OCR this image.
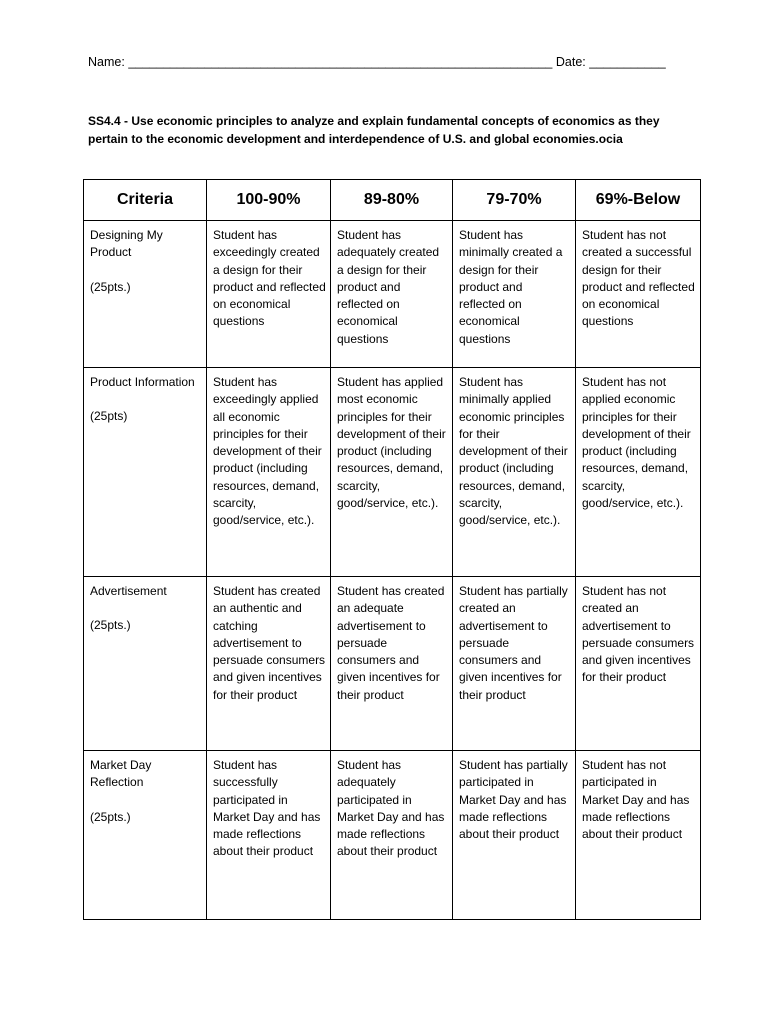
Name: _____________________________________________________________ Date: ___________
SS4.4 - Use economic principles to analyze and explain fundamental concepts of economics as they pertain to the economic development and interdependence of U.S. and global economies.ocia
Criteria	100-90%	89-80%	79-70%	69%-Below

Designing My Product
(25pts.)	Student has exceedingly created a design for their product and reflected on economical questions	Student has adequately created a design for their product and reflected on economical questions	Student has minimally created a design for their product and reflected on economical questions	Student has not created a successful design for their product and reflected on economical questions

Product Information
(25pts)	Student has exceedingly applied all economic principles for their development of their product (including resources, demand, scarcity, good/service, etc.).	Student has applied most economic principles for their development of their product (including resources, demand, scarcity, good/service, etc.).	Student has minimally applied economic principles for their development of their product (including resources, demand, scarcity, good/service, etc.).	Student has not applied economic principles for their development of their product (including resources, demand, scarcity, good/service, etc.).

Advertisement
(25pts.)	Student has created an authentic and catching advertisement to persuade consumers and given incentives for their product	Student has created an adequate advertisement to persuade consumers and given incentives for their product	Student has partially created an advertisement to persuade consumers and given incentives for their product	Student has not created an advertisement to persuade consumers and given incentives for their product

Market Day Reflection
(25pts.)	Student has successfully participated in Market Day and has made reflections about their product	Student has adequately participated in Market Day and has made reflections about their product	Student has partially participated in Market Day and has made reflections about their product	Student has not participated in Market Day and has made reflections about their product
